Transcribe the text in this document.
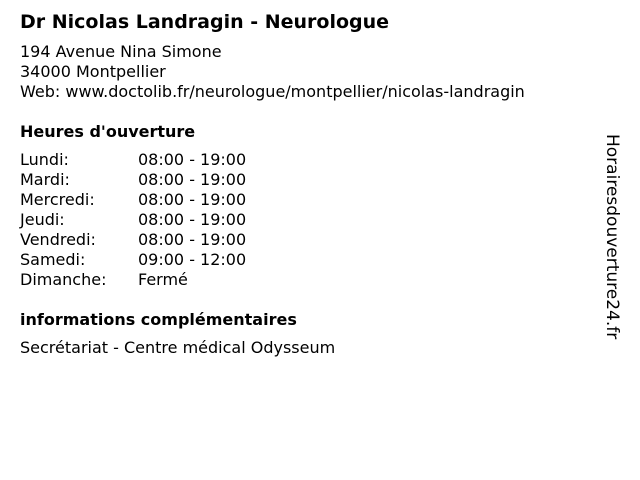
Dr Nicolas Landragin - Neurologue
194 Avenue Nina Simone
34000 Montpellier
Web: www.doctolib.fr/neurologue/montpellier/nicolas-landragin
Heures d'ouverture
Lundi:	08:00 - 19:00
Mardi:	08:00 - 19:00
Mercredi:	08:00 - 19:00
Jeudi:	08:00 - 19:00
Vendredi:	08:00 - 19:00
Samedi:	09:00 - 12:00
Dimanche:	Fermé
informations complémentaires
Secrétariat - Centre médical Odysseum
Horairesdouverture24.fr
